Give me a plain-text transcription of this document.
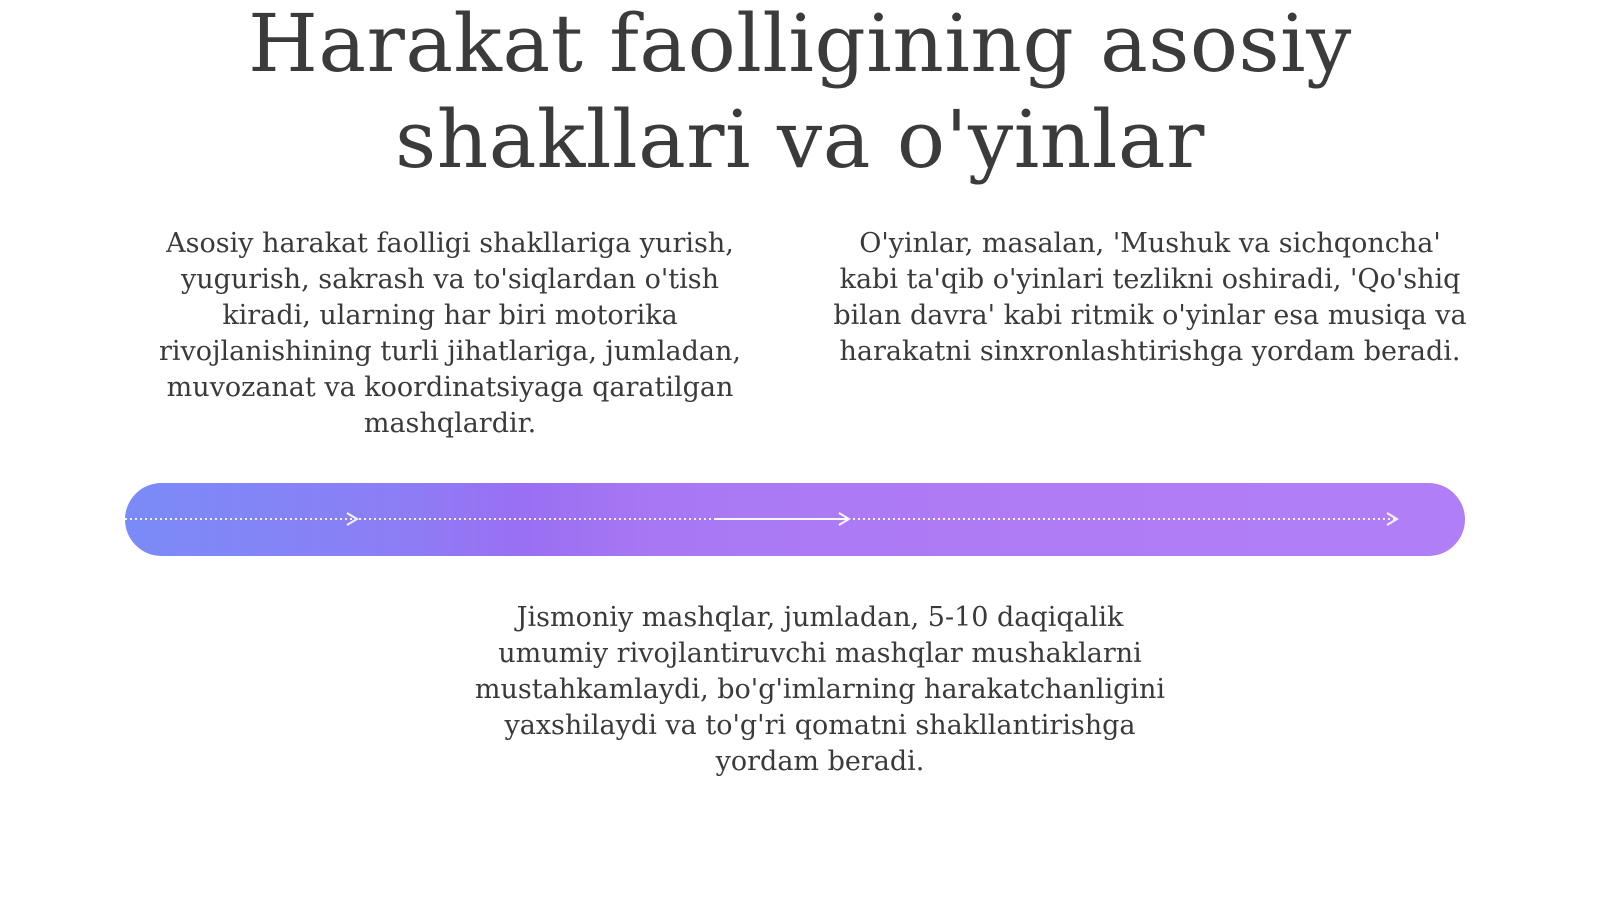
Harakat faolligining asosiy
shakllari va o'yinlar

Asosiy harakat faolligi shakllariga yurish, yugurish, sakrash va to'siqlardan o'tish kiradi, ularning har biri motorika rivojlanishining turli jihatlariga, jumladan, muvozanat va koordinatsiyaga qaratilgan mashqlardir.

O'yinlar, masalan, 'Mushuk va sichqoncha' kabi ta'qib o'yinlari tezlikni oshiradi, 'Qo'shiq bilan davra' kabi ritmik o'yinlar esa musiqa va harakatni sinxronlashtirishga yordam beradi.

Jismoniy mashqlar, jumladan, 5-10 daqiqalik umumiy rivojlantiruvchi mashqlar mushaklarni mustahkamlaydi, bo'g'imlarning harakatchanligini yaxshilaydi va to'g'ri qomatni shakllantirishga yordam beradi.
